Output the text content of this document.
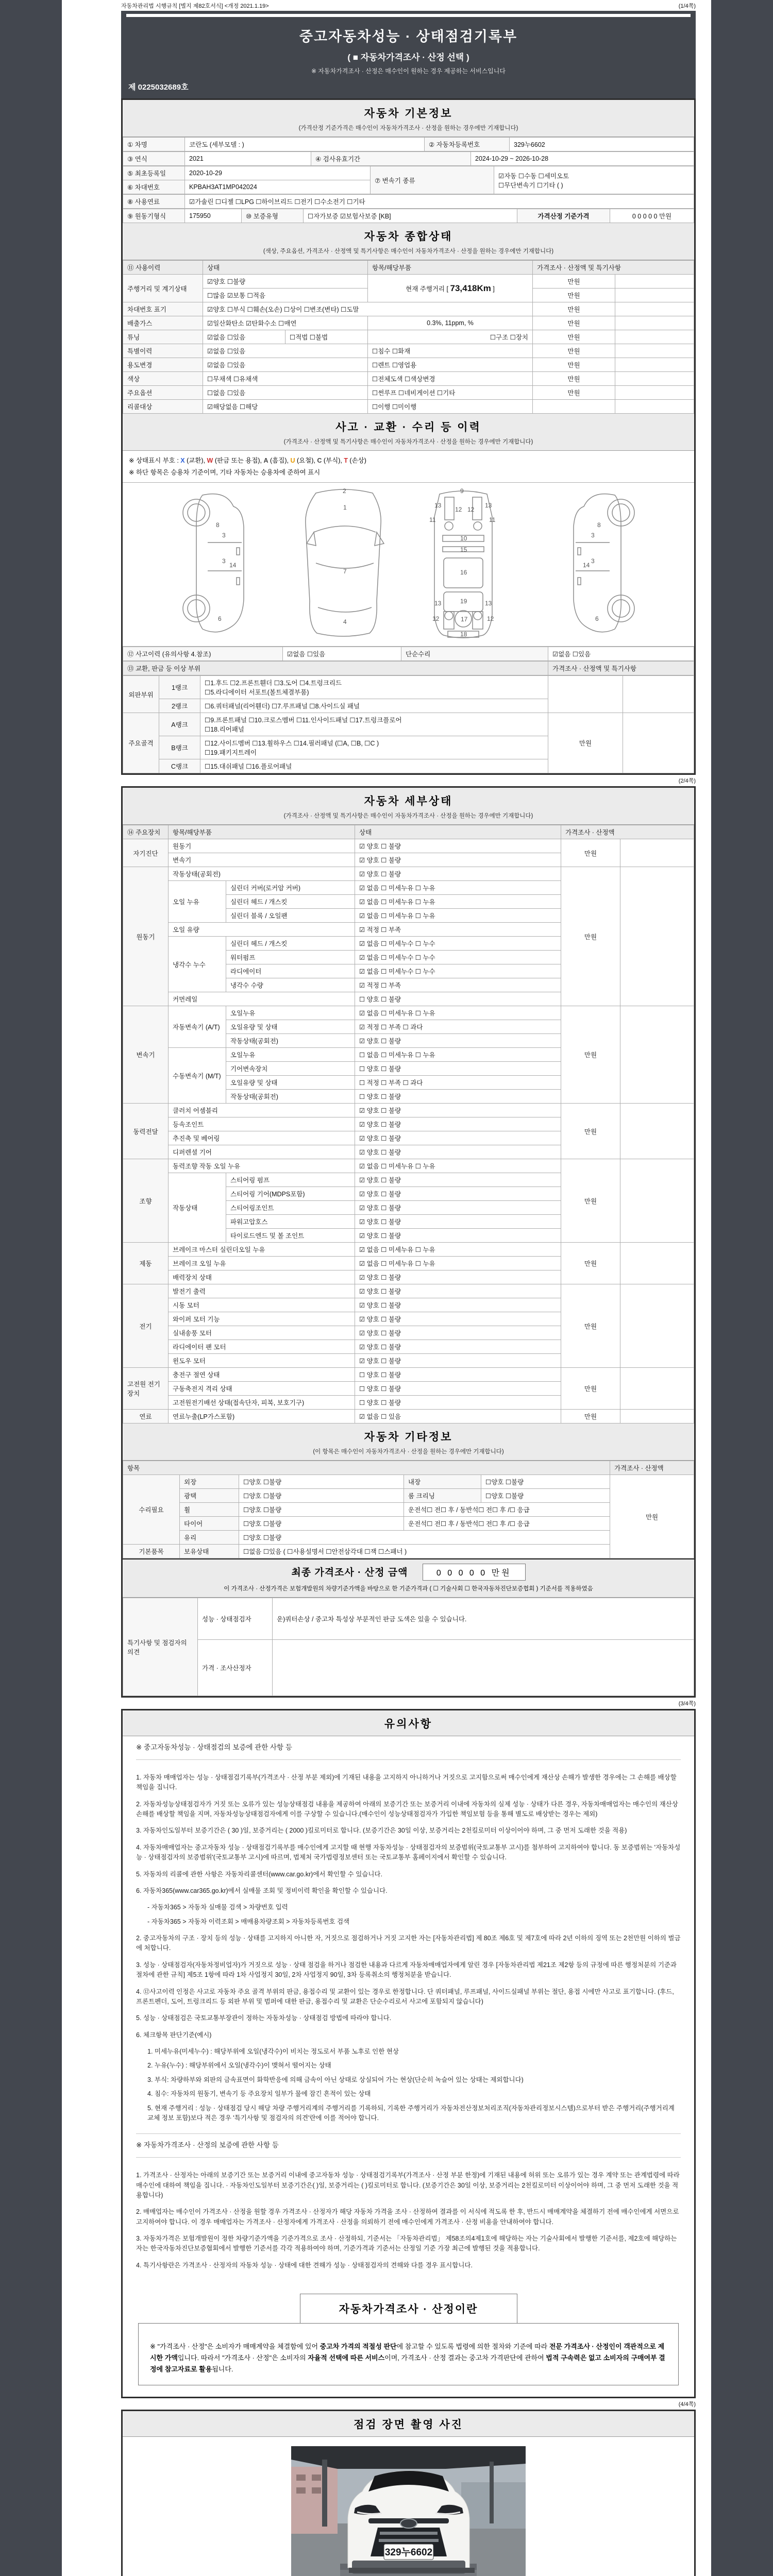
자동차관리법 시행규칙 [별지 제82호서식] <개정 2021.1.19>	(1/4쪽)
중고자동차성능 · 상태점검기록부
( ■ 자동차가격조사 · 산정 선택 )
※ 자동차가격조사 · 산정은 매수인이 원하는 경우 제공하는 서비스입니다
제 0225032689호
자동차 기본정보
(가격산정 기준가격은 매수인이 자동차가격조사 · 산정을 원하는 경우에만 기재합니다)
① 차명	코란도 (세부모델 : )	② 자동차등록번호	329누6602
③ 연식	2021	④ 검사유효기간	2024-10-29 ~ 2026-10-28
⑤ 최초등록일	2020-10-29	⑦ 변속기 종류	☑자동 ☐수동 ☐세미오토
☐무단변속기 ☐기타 ( )

⑥ 차대번호	KPBAH3AT1MP042024		
⑧ 사용연료	☑가솔린 ☐디젤 ☐LPG ☐하이브리드 ☐전기 ☐수소전기 ☐기타
⑨ 원동기형식	175950	⑩ 보증유형	☐자가보증 ☑보험사보증 [KB]	가격산정 기준가격	0 0 0 0 0 만원
자동차 종합상태
(색상, 주요옵션, 가격조사 · 산정액 및 특기사항은 매수인이 자동차가격조사 · 산정을 원하는 경우에만 기재합니다)
⑪ 사용이력	상태		항목/해당부품	가격조사 · 산정액 및 특기사항	
주행거리 및 계기상태	☑양호 ☐불량		현재 주행거리 [ 73,418Km ]	만원	
	☐많음 ☑보통 ☐적음			만원	
차대번호 표기	☑양호 ☐부식 ☐훼손(오손) ☐상이 ☐변조(변타) ☐도말			만원	
배출가스	☑일산화탄소 ☑탄화수소 ☐매연		0.3%, 11ppm, %	만원	
튜닝	☑없음 ☐있음	☐적법 ☐불법	☐구조 ☐장치	만원	
특별이력	☑없음 ☐있음		☐침수 ☐화재	만원	
용도변경	☑없음 ☐있음		☐렌트 ☐영업용	만원	
색상	☐무채색 ☐유채색		☐전체도색 ☐색상변경	만원	
주요옵션	☐없음 ☐있음		☐썬루프 ☐네비게이션 ☐기타	만원	
리콜대상	☑해당없음 ☐해당		☐이행 ☐미이행		
사고 · 교환 · 수리 등 이력
(가격조사 · 산정액 및 특기사항은 매수인이 자동차가격조사 · 산정을 원하는 경우에만 기재합니다)
※ 상태표시 부호 : X (교환), W (판금 또는 용접), A (흠집), U (요철), C (부식), T (손상)
※ 하단 항목은 승용차 기준이며, 기타 자동차는 승용차에 준하여 표시
8
3
14
3
6
1
7
4
13	13
12 12
10
15
16
13	13
19
17
12	12
18
8
3
14
3
6
2	9
11	11
⑫ 사고이력 (유의사항 4.참조)	☑없음 ☐있음	단순수리	☑없음 ☐있음
⑬ 교환, 판금 등 이상 부위	가격조사 · 산정액 및 특기사항
외판부위	1랭크	☐1.후드 ☐2.프론트휀더 ☐3.도어 ☐4.트렁크리드
☐5.라디에이터 서포트(볼트체결부품)		

	2랭크	☐6.쿼터패널(리어휀더) ☐7.루프패널 ☐8.사이드실 패널		
주요골격	A랭크	☐9.프론트패널 ☐10.크로스멤버 ☐11.인사이드패널 ☐17.트렁크플로어
☐18.리어패널	만원	
	B랭크	☐12.사이드멤버 ☐13.휠하우스 ☐14.필러패널 (☐A, ☐B, ☐C )
☐19.패키지트레이		

	C랭크	☐15.대쉬패널 ☐16.플로어패널		
(2/4쪽)
자동차 세부상태
(가격조사 · 산정액 및 특기사항은 매수인이 자동차가격조사 · 산정을 원하는 경우에만 기재합니다)
⑭ 주요장치	항목/해당부품		상태	가격조사 · 산정액	
자기진단	원동기		☑ 양호 ☐ 불량	만원	
	변속기		☑ 양호 ☐ 불량		
원동기	작동상태(공회전)		☑ 양호 ☐ 불량	만원	
	오일 누유	실린더 커버(로커암 커버)	☑ 없음 ☐ 미세누유 ☐ 누유		
		실린더 헤드 / 개스킷	☑ 없음 ☐ 미세누유 ☐ 누유		
		실린더 블록 / 오일팬	☑ 없음 ☐ 미세누유 ☐ 누유		
	오일 유량		☑ 적정 ☐ 부족		
	냉각수 누수	실린더 헤드 / 개스킷	☑ 없음 ☐ 미세누수 ☐ 누수		
		워터펌프	☑ 없음 ☐ 미세누수 ☐ 누수		
		라디에이터	☑ 없음 ☐ 미세누수 ☐ 누수		
		냉각수 수량	☑ 적정 ☐ 부족		
	커먼레일		☐ 양호 ☐ 불량		
변속기	자동변속기 (A/T)	오일누유	☑ 없음 ☐ 미세누유 ☐ 누유	만원	
		오일유량 및 상태	☑ 적정 ☐ 부족 ☐ 과다		
		작동상태(공회전)	☑ 양호 ☐ 불량		
	수동변속기 (M/T)	오일누유	☐ 없음 ☐ 미세누유 ☐ 누유		
		기어변속장치	☐ 양호 ☐ 불량		
		오일유량 및 상태	☐ 적정 ☐ 부족 ☐ 과다		
		작동상태(공회전)	☐ 양호 ☐ 불량		
동력전달	클러치 어셈블리		☑ 양호 ☐ 불량	만원	
	등속조인트		☑ 양호 ☐ 불량		
	추진축 및 베어링		☑ 양호 ☐ 불량		
	디퍼렌셜 기어		☑ 양호 ☐ 불량		
조향	동력조향 작동 오일 누유		☑ 없음 ☐ 미세누유 ☐ 누유	만원	
	작동상태	스티어링 펌프	☑ 양호 ☐ 불량		
		스티어링 기어(MDPS포함)	☑ 양호 ☐ 불량		
		스티어링조인트	☑ 양호 ☐ 불량		
		파워고압호스	☑ 양호 ☐ 불량		
		타이로드엔드 및 볼 조인트	☑ 양호 ☐ 불량		
제동	브레이크 마스터 실린더오일 누유		☑ 없음 ☐ 미세누유 ☐ 누유	만원	
	브레이크 오일 누유		☑ 없음 ☐ 미세누유 ☐ 누유		
	배력장치 상태		☑ 양호 ☐ 불량		
전기	발전기 출력		☑ 양호 ☐ 불량	만원	
	시동 모터		☑ 양호 ☐ 불량		
	와이퍼 모터 기능		☑ 양호 ☐ 불량		
	실내송풍 모터		☑ 양호 ☐ 불량		
	라디에이터 팬 모터		☑ 양호 ☐ 불량		
	윈도우 모터		☑ 양호 ☐ 불량		
고전원 전기장치	충전구 절연 상태		☐ 양호 ☐ 불량	만원	
	구동축전지 격리 상태		☐ 양호 ☐ 불량		
	고전원전기배선 상태(접속단자, 피복, 보호기구)		☐ 양호 ☐ 불량		
연료	연료누출(LP가스포함)		☑ 없음 ☐ 있음	만원	
자동차 기타정보
(이 항목은 매수인이 자동차가격조사 · 산정을 원하는 경우에만 기재합니다)
항목					가격조사 · 산정액
수리필요	외장	☐양호 ☐불량	내장	☐양호 ☐불량	만원
	광택	☐양호 ☐불량	룸 크리닝	☐양호 ☐불량	
	휠	☐양호 ☐불량	운전석☐ 전☐ 후 / 동반석☐ 전☐ 후 /☐ 응급		
	타이어	☐양호 ☐불량	운전석☐ 전☐ 후 / 동반석☐ 전☐ 후 /☐ 응급		
	유리	☐양호 ☐불량			
기본품목	보유상태	☐없음 ☐있음 ( ☐사용설명서 ☐안전삼각대 ☐잭 ☐스패너 )			
최종 가격조사 · 산정 금액	0 0 0 0 0 만원
이 가격조사 · 산정가격은 보험개발원의 차량기준가액을 바탕으로 한 기준가격과 ( ☐ 기술사회 ☐ 한국자동차진단보증협회 ) 기준서를 적용하였음
특기사항 및 점검자의 의견	성능 · 상태점검자	운)쿼터손상 / 중고차 특성상 부분적인 판금 도색은 있을 수 있습니다.
	가격 · 조사산정자	
(3/4쪽)
유의사항
※ 중고자동차성능 · 상태점검의 보증에 관한 사항 등
1. 자동차 매매업자는 성능 · 상태점검기록부(가격조사 · 산정 부분 제외)에 기재된 내용을 고지하지 아니하거나 거짓으로 고지함으로써 매수인에게 재산상 손해가 발생한 경우에는 그 손해를 배상할 책임을 집니다.
2. 자동차성능상태점검자가 거짓 또는 오류가 있는 성능상태점검 내용을 제공하여 아래의 보증기간 또는 보증거리 이내에 자동차의 실제 성능 · 상태가 다른 경우, 자동차매매업자는 매수인의 재산상 손해를 배상할 책임을 지며, 자동차성능상태점검자에게 이를 구상할 수 있습니다.(매수인이 성능상태점검자가 가입한 책임보험 등을 통해 별도로 배상받는 경우는 제외)
3. 자동차인도일부터 보증기간은 ( 30 )일, 보증거리는 ( 2000 )킬로미터로 합니다. (보증기간은 30일 이상, 보증거리는 2천킬로미터 이상이어야 하며, 그 중 먼저 도래한 것을 적용)
4. 자동차매매업자는 중고자동차 성능 · 상태점검기록부를 매수인에게 고지할 때 현행 자동차성능 · 상태점검자의 보증범위(국토교통부 고시)를 첨부하여 고지하여야 합니다. 동 보증범위는 '자동차성능 · 상태점검자의 보증범위'(국토교통부 고시)에 따르며, 법제처 국가법령정보센터 또는 국토교통부 홈페이지에서 확인할 수 있습니다.
5. 자동차의 리콜에 관한 사항은 자동차리콜센터(www.car.go.kr)에서 확인할 수 있습니다.
6. 자동차365(www.car365.go.kr)에서 실매물 조회 및 정비이력 확인을 확인할 수 있습니다.
- 자동차365 > 자동차 실매물 검색 > 차량번호 입력
- 자동차365 > 자동차 이력조회 > 매매용차량조회 > 자동차등록번호 검색
2. 중고자동차의 구조 · 장치 등의 성능 · 상태를 고지하지 아니한 자, 거짓으로 점검하거나 거짓 고지한 자는 [자동차관리법] 제 80조 제6호 및 제7호에 따라 2년 이하의 징역 또는 2천만원 이하의 벌금에 처합니다.
3. 성능 · 상태점검자(자동차정비업자)가 거짓으로 성능 · 상태 점검을 하거나 점검한 내용과 다르게 자동차매매업자에게 알린 경우 [자동차관리법 제21조 제2항 등의 규정에 따른 행정처분의 기준과 절차에 관한 규칙] 제5조 1항에 따라 1차 사업정지 30일, 2차 사업정지 90일, 3차 등록취소의 행정처분을 받습니다.
4. ⑫사고이력 인정은 사고로 자동차 주요 골격 부위의 판금, 용접수리 및 교환이 있는 경우로 한정합니다. 단 쿼터패널, 루프패널, 사이드실패널 부위는 절단, 용접 시에만 사고로 표기합니다. (후드, 프론트펜더, 도어, 트렁크리드 등 외판 부위 및 범퍼에 대한 판금, 용접수리 및 교환은 단순수리로서 사고에 포함되지 않습니다)
5. 성능 · 상태점검은 국토교통부장관이 정하는 자동차성능 · 상태점검 방법에 따라야 합니다.
6. 체크항목 판단기준(예시)
1. 미세누유(미세누수) : 해당부위에 오일(냉각수)이 비치는 정도로서 부품 노후로 인한 현상
2. 누유(누수) : 해당부위에서 오일(냉각수)이 맺혀서 떨어지는 상태
3. 부식: 차량하부와 외판의 금속표면이 화학반응에 의해 금속이 아닌 상태로 상실되어 가는 현상(단순히 녹슬어 있는 상태는 제외합니다)
4. 침수: 자동차의 원동기, 변속기 등 주요장치 일부가 물에 잠긴 흔적이 있는 상태
5. 현재 주행거리 : 성능 · 상태점검 당시 해당 차량 주행거리계의 주행거리를 기록하되, 기록한 주행거리가 자동차전산정보처리조직(자동차관리정보시스템)으로부터 받은 주행거리(주행거리계 교체 정보 포함)보다 적은 경우 '특기사항 및 점검자의 의견'란에 이를 적어야 합니다.
※ 자동차가격조사 · 산정의 보증에 관한 사항 등
1. 가격조사 · 산정자는 아래의 보증기간 또는 보증거리 이내에 중고자동차 성능 · 상태점검기록부(가격조사 · 산정 부분 한정)에 기재된 내용에 허위 또는 오류가 있는 경우 계약 또는 관계법령에 따라 매수인에 대하여 책임을 집니다. · 자동차인도일부터 보증기간은( )일, 보증거리는 ( )킬로미터로 합니다. (보증기간은 30일 이상, 보증거리는 2천킬로미터 이상이어야 하며, 그 중 먼저 도래한 것을 적용합니다)
2. 매매업자는 매수인이 가격조사 · 산정을 원할 경우 가격조사 · 산정자가 해당 자동차 가격을 조사 · 산정하여 결과를 이 서식에 적도록 한 후, 반드시 매매계약을 체결하기 전에 매수인에게 서면으로 고지하여야 합니다. 이 경우 매매업자는 가격조사 · 산정자에게 가격조사 · 산정을 의뢰하기 전에 매수인에게 가격조사 · 산정 비용을 안내하여야 합니다.
3. 자동차가격은 보험개발원이 정한 차량기준가액을 기준가격으로 조사 · 산정하되, 기준서는 「자동차관리법」 제58조의4제1호에 해당하는 자는 기술사회에서 발행한 기준서를, 제2호에 해당하는 자는 한국자동차진단보증협회에서 발행한 기준서를 각각 적용하여야 하며, 기준가격과 기준서는 산정일 기준 가장 최근에 발행된 것을 적용합니다.
4. 특기사항란은 가격조사 · 산정자의 자동차 성능 · 상태에 대한 견해가 성능 · 상태점검자의 견해와 다를 경우 표시합니다.
자동차가격조사 · 산정이란
※ "가격조사 · 산정"은 소비자가 매매계약을 체결함에 있어 중고차 가격의 적절성 판단에 참고할 수 있도록 법령에 의한 절차와 기준에 따라 전문 가격조사 · 산정인이 객관적으로 제시한 가액입니다. 따라서 "가격조사 · 산정"은 소비자의 자율적 선택에 따른 서비스이며, 가격조사 · 산정 결과는 중고차 가격판단에 관하여 법적 구속력은 없고 소비자의 구매여부 결정에 참고자료로 활용됩니다.
(4/4쪽)
점검 장면 촬영 사진
329누6602
